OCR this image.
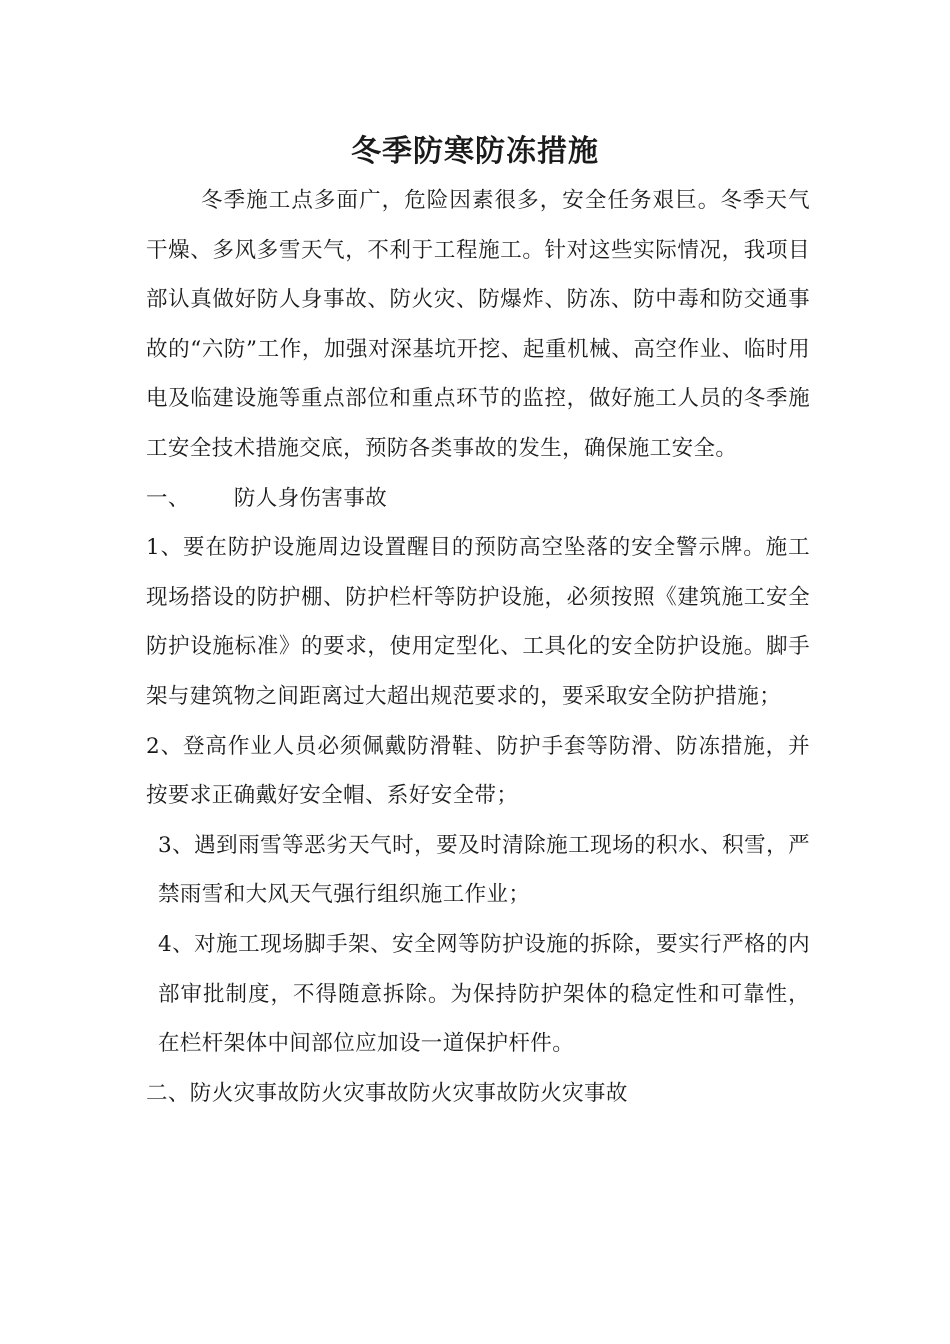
冬季防寒防冻措施

冬季施工点多面广，危险因素很多，安全任务艰巨。冬季天气干燥、多风多雪天气，不利于工程施工。针对这些实际情况，我项目部认真做好防人身事故、防火灾、防爆炸、防冻、防中毒和防交通事故的“六防”工作，加强对深基坑开挖、起重机械、高空作业、临时用电及临建设施等重点部位和重点环节的监控，做好施工人员的冬季施工安全技术措施交底，预防各类事故的发生，确保施工安全。

一、 防人身伤害事故

1、要在防护设施周边设置醒目的预防高空坠落的安全警示牌。施工现场搭设的防护棚、防护栏杆等防护设施，必须按照《建筑施工安全防护设施标准》的要求，使用定型化、工具化的安全防护设施。脚手架与建筑物之间距离过大超出规范要求的，要采取安全防护措施；

2、登高作业人员必须佩戴防滑鞋、防护手套等防滑、防冻措施，并按要求正确戴好安全帽、系好安全带；

3、遇到雨雪等恶劣天气时，要及时清除施工现场的积水、积雪，严禁雨雪和大风天气强行组织施工作业；

4、对施工现场脚手架、安全网等防护设施的拆除，要实行严格的内部审批制度，不得随意拆除。为保持防护架体的稳定性和可靠性，在栏杆架体中间部位应加设一道保护杆件。

二、防火灾事故防火灾事故防火灾事故防火灾事故
